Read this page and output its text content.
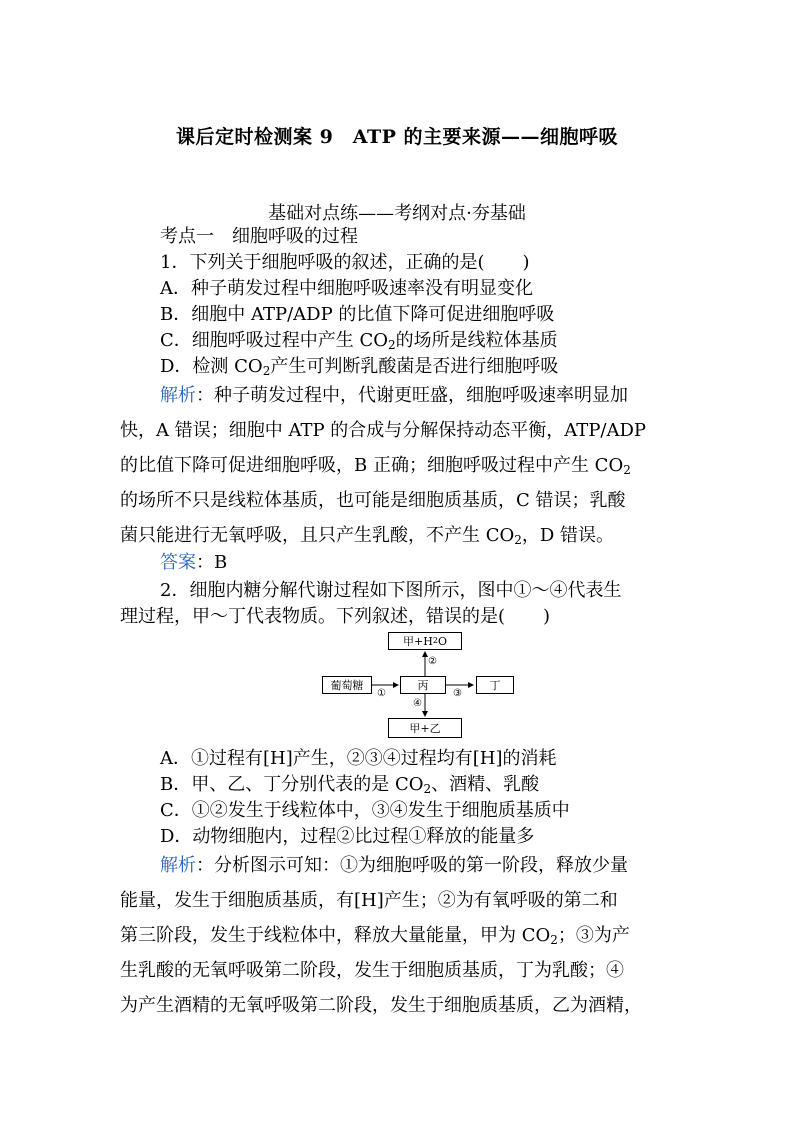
课后定时检测案 9　ATP 的主要来源——细胞呼吸
基础对点练——考纲对点·夯基础
考点一　细胞呼吸的过程
1．下列关于细胞呼吸的叙述，正确的是( )
A．种子萌发过程中细胞呼吸速率没有明显变化
B．细胞中 ATP/ADP 的比值下降可促进细胞呼吸
C．细胞呼吸过程中产生 $CO_2$的场所是线粒体基质
D．检测 $CO_2$产生可判断乳酸菌是否进行细胞呼吸
解析：种子萌发过程中，代谢更旺盛，细胞呼吸速率明显加
快，A 错误；细胞中 ATP 的合成与分解保持动态平衡，ATP/ADP
的比值下降可促进细胞呼吸，B 正确；细胞呼吸过程中产生 $CO_2$
的场所不只是线粒体基质，也可能是细胞质基质，C 错误；乳酸
菌只能进行无氧呼吸，且只产生乳酸，不产生 $CO_2$，D 错误。
答案：B
2．细胞内糖分解代谢过程如下图所示，图中①～④代表生
理过程，甲～丁代表物质。下列叙述，错误的是( )
甲+H 2 O
葡萄糖	丙	丁
甲+乙
①
②
③
④
A．①过程有[H]产生，②③④过程均有[H]的消耗
B．甲、乙、丁分别代表的是 $CO_2$、酒精、乳酸
C．①②发生于线粒体中，③④发生于细胞质基质中
D．动物细胞内，过程②比过程①释放的能量多
解析：分析图示可知：①为细胞呼吸的第一阶段，释放少量
能量，发生于细胞质基质，有[H]产生；②为有氧呼吸的第二和
第三阶段，发生于线粒体中，释放大量能量，甲为 $CO_2$；③为产
生乳酸的无氧呼吸第二阶段，发生于细胞质基质，丁为乳酸；④
为产生酒精的无氧呼吸第二阶段，发生于细胞质基质，乙为酒精，
